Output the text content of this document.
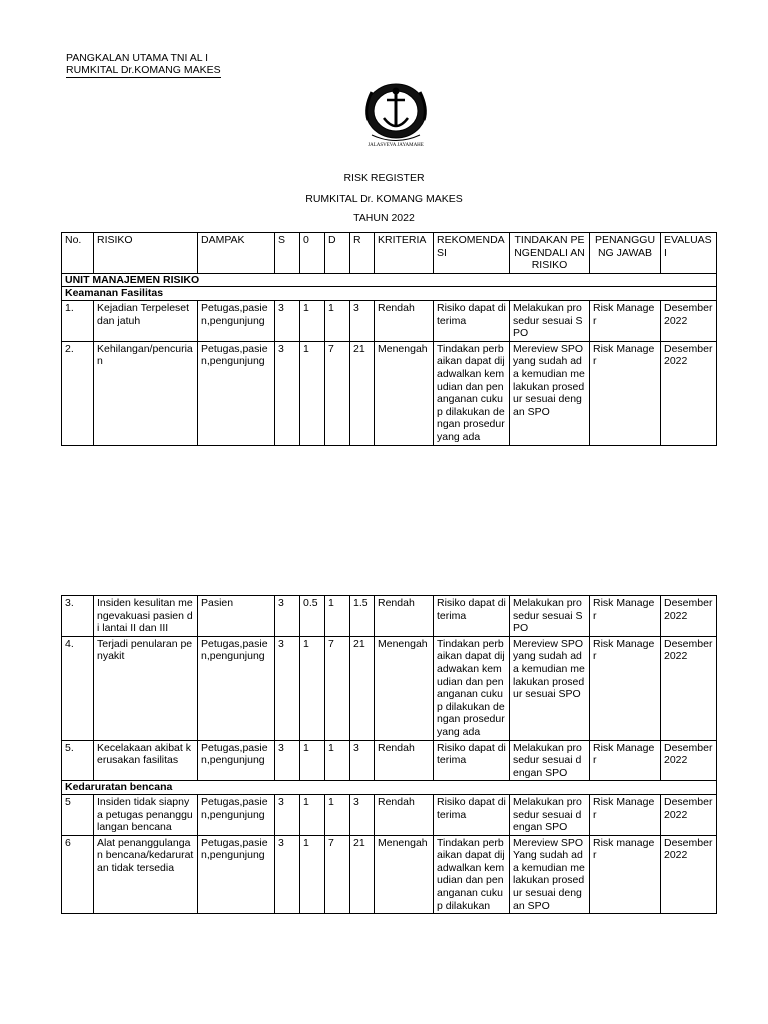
PANGKALAN UTAMA TNI AL I
RUMKITAL Dr.KOMANG MAKES
JALASVEVA JAYAMAHE
RISK REGISTER
RUMKITAL Dr. KOMANG MAKES
TAHUN 2022
No.	RISIKO	DAMPAK	S	0	D	R	KRITERIA	REKOMENDA SI	TINDAKAN PENGENDALI AN RISIKO	PENANGGU NG JAWAB	EVALUAS I
UNIT MANAJEMEN RISIKO											
Keamanan Fasilitas											
1.	Kejadian Terpeleset dan jatuh	Petugas,pasien,pengunjung	3	1	1	3	Rendah	Risiko dapat diterima	Melakukan prosedur sesuai SPO	Risk Manager	Desember 2022
2.	Kehilangan/pencurian	Petugas,pasien,pengunjung	3	1	7	21	Menengah	Tindakan perbaikan dapat dijadwalkan kemudian dan penanganan cukup dilakukan dengan prosedur yang ada	Mereview SPO yang sudah ada kemudian melakukan prosedur sesuai dengan SPO	Risk Manager	Desember 2022
3.	Insiden kesulitan mengevakuasi pasien di lantai II dan III	Pasien	3	0.5	1	1.5	Rendah	Risiko dapat diterima	Melakukan prosedur sesuai SPO	Risk Manager	Desember 2022
4.	Terjadi penularan penyakit	Petugas,pasien,pengunjung	3	1	7	21	Menengah	Tindakan perbaikan dapat dijadwakan kemudian dan penanganan cukup dilakukan dengan prosedur yang ada	Mereview SPO yang sudah ada kemudian melakukan prosedur sesuai SPO	Risk Manager	Desember 2022
5.	Kecelakaan akibat kerusakan fasilitas	Petugas,pasien,pengunjung	3	1	1	3	Rendah	Risiko dapat diterima	Melakukan prosedur sesuai dengan SPO	Risk Manager	Desember 2022
Kedaruratan bencana											
5	Insiden tidak siapnya petugas penanggulangan bencana	Petugas,pasien,pengunjung	3	1	1	3	Rendah	Risiko dapat diterima	Melakukan prosedur sesuai dengan SPO	Risk Manager	Desember 2022
6	Alat penanggulangan bencana/kedaruratan tidak tersedia	Petugas,pasien,pengunjung	3	1	7	21	Menengah	Tindakan perbaikan dapat dijadwalkan kemudian dan penanganan cukup dilakukan	Mereview SPO Yang sudah ada kemudian melakukan prosedur sesuai dengan SPO	Risk manager	Desember 2022
